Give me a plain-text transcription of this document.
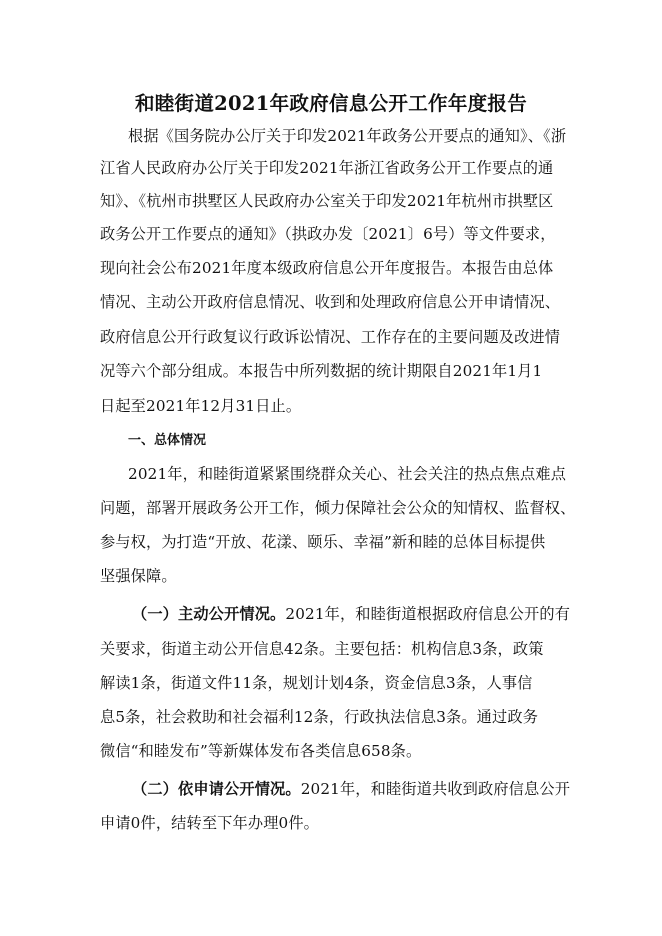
和睦街道2021年政府信息公开工作年度报告

根据《国务院办公厅关于印发2021年政务公开要点的通知》、《浙

江省人民政府办公厅关于印发2021年浙江省政务公开工作要点的通

知》、《杭州市拱墅区人民政府办公室关于印发2021年杭州市拱墅区

政务公开工作要点的通知》（拱政办发〔2021〕6号）等文件要求，

现向社会公布2021年度本级政府信息公开年度报告。本报告由总体

情况、主动公开政府信息情况、收到和处理政府信息公开申请情况、

政府信息公开行政复议行政诉讼情况、工作存在的主要问题及改进情

况等六个部分组成。本报告中所列数据的统计期限自2021年1月1

日起至2021年12月31日止。

一、总体情况

2021年，和睦街道紧紧围绕群众关心、社会关注的热点焦点难点

问题，部署开展政务公开工作，倾力保障社会公众的知情权、监督权、

参与权，为打造“开放、花漾、颐乐、幸福”新和睦的总体目标提供

坚强保障。

（一）主动公开情况。2021年，和睦街道根据政府信息公开的有

关要求，街道主动公开信息42条。主要包括：机构信息3条，政策

解读1条，街道文件11条，规划计划4条，资金信息3条，人事信

息5条，社会救助和社会福利12条，行政执法信息3条。通过政务

微信“和睦发布”等新媒体发布各类信息658条。

（二）依申请公开情况。2021年，和睦街道共收到政府信息公开

申请0件，结转至下年办理0件。
